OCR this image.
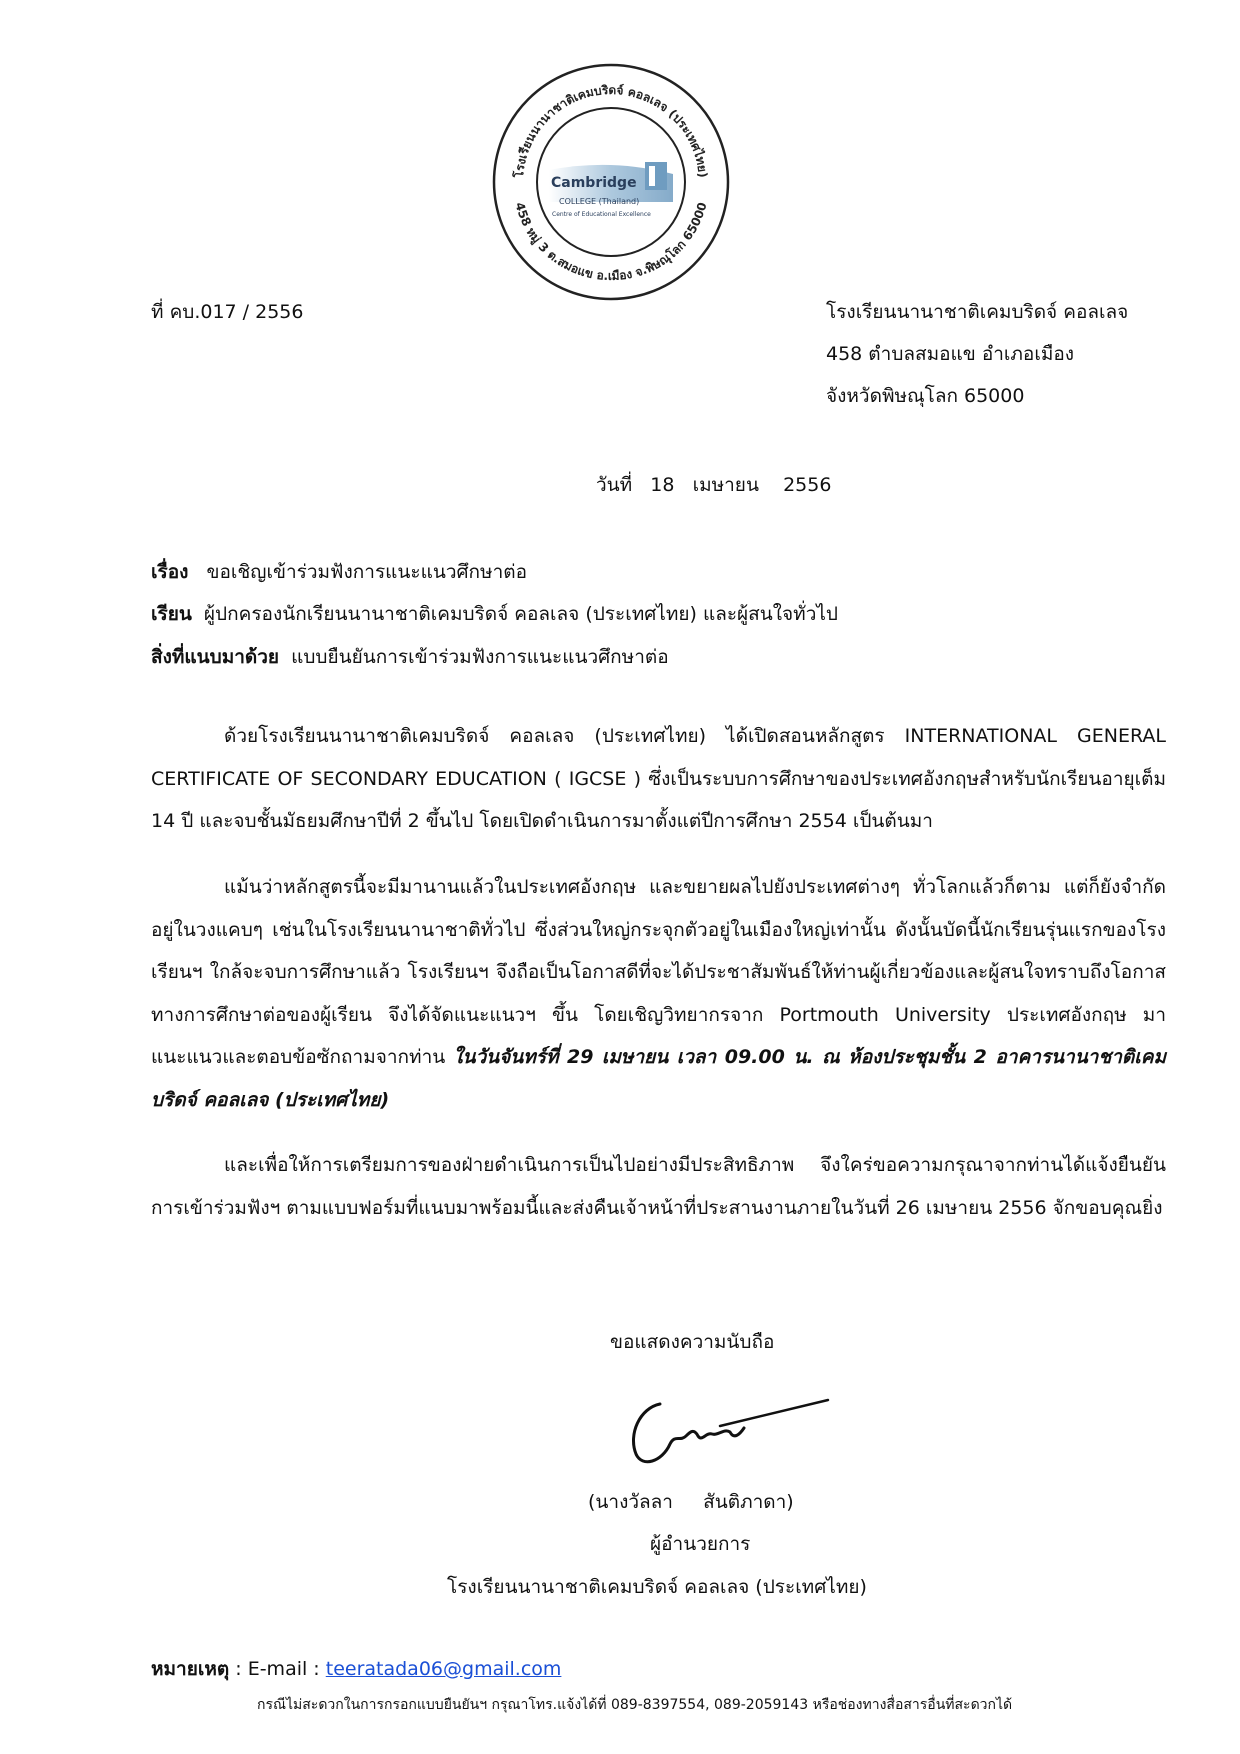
โรงเรียนนานาชาติเคมบริดจ์ คอลเลจ (ประเทศไทย)
458 หมู่ 3 ต.สมอแข อ.เมือง จ.พิษณุโลก 65000
Cambridge
COLLEGE (Thailand)
Centre of Educational Excellence
ที่ คบ.017 / 2556	โรงเรียนนานาชาติเคมบริดจ์ คอลเลจ
458 ตำบลสมอแข อำเภอเมือง
จังหวัดพิษณุโลก 65000
วันที่   18   เมษายน    2556
เรื่อง ขอเชิญเข้าร่วมฟังการแนะแนวศึกษาต่อ
เรียน ผู้ปกครองนักเรียนนานาชาติเคมบริดจ์ คอลเลจ (ประเทศไทย) และผู้สนใจทั่วไป
สิ่งที่แนบมาด้วย แบบยืนยันการเข้าร่วมฟังการแนะแนวศึกษาต่อ
ด้วยโรงเรียนนานาชาติเคมบริดจ์ คอลเลจ (ประเทศไทย) ได้เปิดสอนหลักสูตร INTERNATIONAL GENERAL CERTIFICATE OF SECONDARY EDUCATION ( IGCSE ) ซึ่งเป็นระบบการศึกษาของประเทศอังกฤษสำหรับนักเรียนอายุเต็ม 14 ปี และจบชั้นมัธยมศึกษาปีที่ 2 ขึ้นไป โดยเปิดดำเนินการมาตั้งแต่ปีการศึกษา 2554 เป็นต้นมา
แม้นว่าหลักสูตรนี้จะมีมานานแล้วในประเทศอังกฤษ และขยายผลไปยังประเทศต่างๆ ทั่วโลกแล้วก็ตาม แต่ก็ยังจำกัดอยู่ในวงแคบๆ เช่นในโรงเรียนนานาชาติทั่วไป ซึ่งส่วนใหญ่กระจุกตัวอยู่ในเมืองใหญ่เท่านั้น ดังนั้นบัดนี้นักเรียนรุ่นแรกของโรงเรียนฯ ใกล้จะจบการศึกษาแล้ว โรงเรียนฯ จึงถือเป็นโอกาสดีที่จะได้ประชาสัมพันธ์ให้ท่านผู้เกี่ยวข้องและผู้สนใจทราบถึงโอกาสทางการศึกษาต่อของผู้เรียน จึงได้จัดแนะแนวฯ ขึ้น โดยเชิญวิทยากรจาก Portmouth University ประเทศอังกฤษ มาแนะแนวและตอบข้อซักถามจากท่าน ในวันจันทร์ที่ 29 เมษายน เวลา 09.00 น. ณ ห้องประชุมชั้น 2 อาคารนานาชาติเคมบริดจ์ คอลเลจ (ประเทศไทย)
และเพื่อให้การเตรียมการของฝ่ายดำเนินการเป็นไปอย่างมีประสิทธิภาพ จึงใคร่ขอความกรุณาจากท่านได้แจ้งยืนยันการเข้าร่วมฟังฯ ตามแบบฟอร์มที่แนบมาพร้อมนี้และส่งคืนเจ้าหน้าที่ประสานงานภายในวันที่ 26 เมษายน 2556 จักขอบคุณยิ่ง
ขอแสดงความนับถือ
(นางวัลลา     สันติภาดา)
ผู้อำนวยการ
โรงเรียนนานาชาติเคมบริดจ์ คอลเลจ (ประเทศไทย)
หมายเหตุ : E-mail : teeratada06@gmail.com
กรณีไม่สะดวกในการกรอกแบบยืนยันฯ กรุณาโทร.แจ้งได้ที่ 089-8397554, 089-2059143 หรือช่องทางสื่อสารอื่นที่สะดวกได้
